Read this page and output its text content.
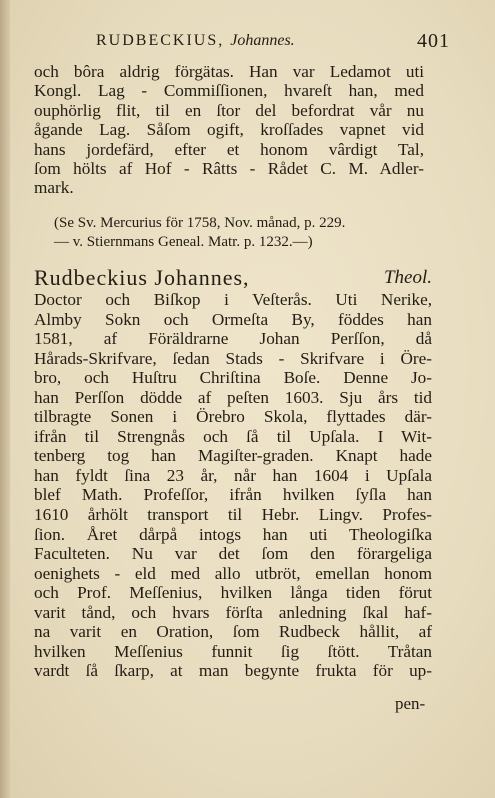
RUDBECKIUS, Johannes.	401
och bôra aldrig förgätas. Han var Ledamot uti
Kongl. Lag - Commiſſionen, hvareſt han, med
ouphörlig flit, til en ſtor del befordrat vår nu
ågande Lag. Såſom ogift, kroſſades vapnet vid
hans jordefärd, efter et honom vârdigt Tal,
ſom hölts af Hof - Râtts - Rådet C. M. Adler-
mark.
(Se Sv. Mercurius för 1758, Nov. månad, p. 229.
— v. Stiernmans Geneal. Matr. p. 1232.—)
Rudbeckius Johannes,	Theol.
Doctor och Biſkop i Veſterås. Uti Nerike,
Almby Sokn och Ormeſta By, föddes han
1581, af Föräldrarne Johan Perſſon, då
Hårads-Skrifvare, ſedan Stads - Skrifvare i Öre-
bro, och Huſtru Chriſtina Boſe. Denne Jo-
han Perſſon dödde af peſten 1603. Sju års tid
tilbragte Sonen i Örebro Skola, flyttades där-
ifrån til Strengnås och ſå til Upſala. I Wit-
tenberg tog han Magiſter-graden. Knapt hade
han fyldt ſina 23 år, når han 1604 i Upſala
blef Math. Profeſſor, ifrån hvilken ſyſla han
1610 århölt transport til Hebr. Lingv. Profes-
ſion. Året dårpå intogs han uti Theologiſka
Faculteten. Nu var det ſom den förargeliga
oenighets - eld med allo utbröt, emellan honom
och Prof. Meſſenius, hvilken långa tiden förut
varit tånd, och hvars förſta anledning ſkal haf-
na varit en Oration, ſom Rudbeck hållit, af
hvilken Meſſenius funnit ſig ſtött. Tråtan
vardt ſå ſkarp, at man begynte frukta för up-
pen-
